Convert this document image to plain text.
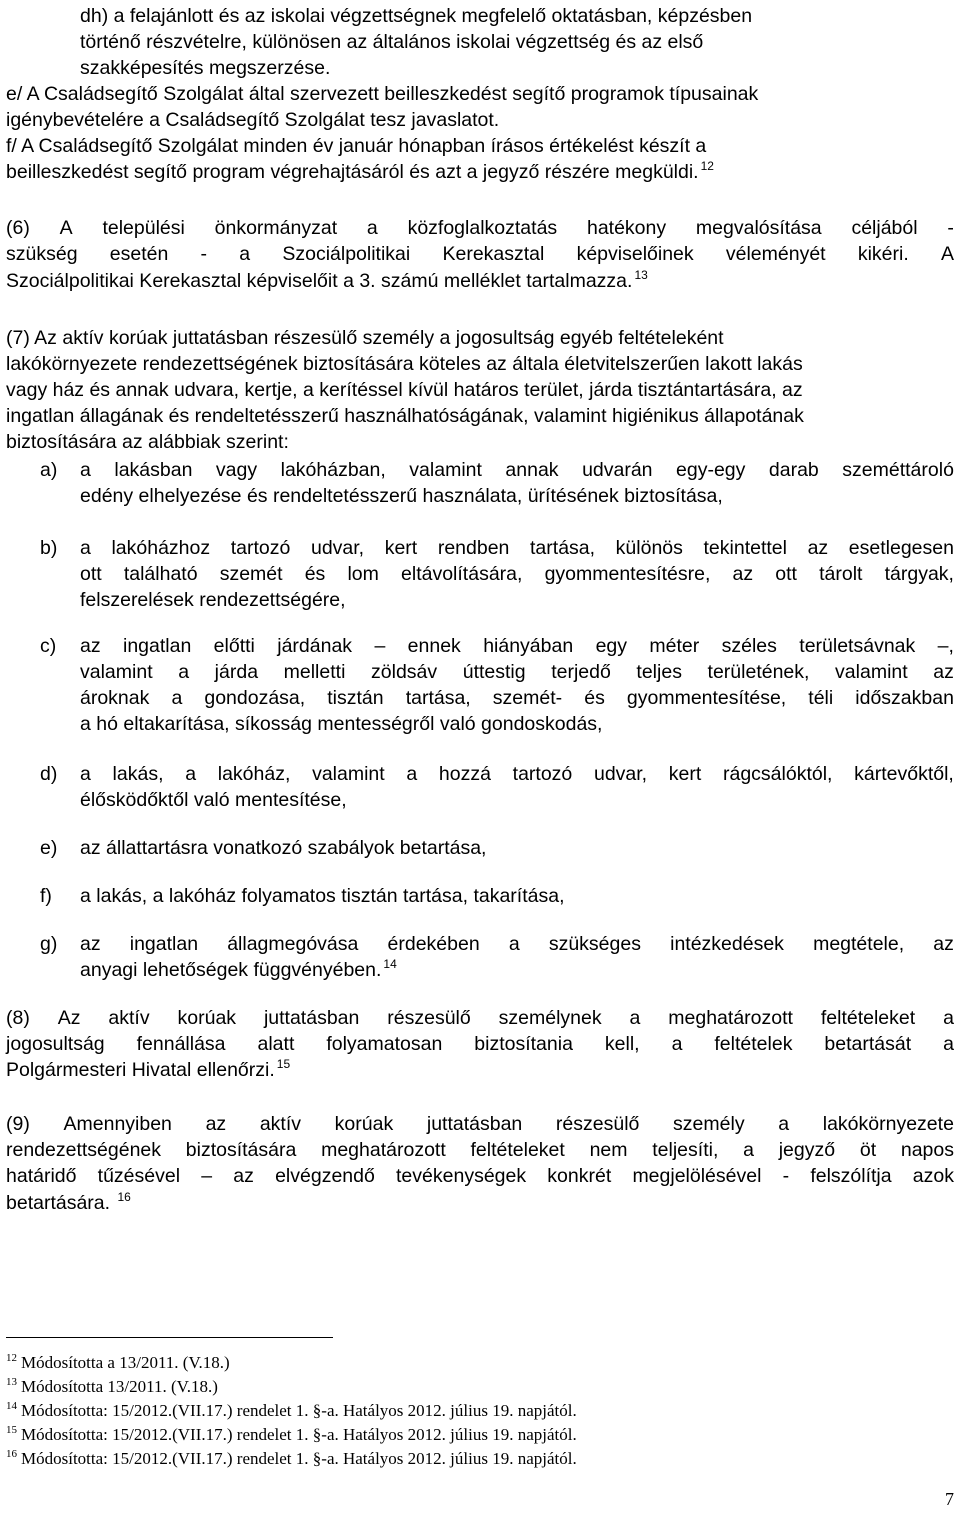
dh) a felajánlott és az iskolai végzettségnek megfelelő oktatásban, képzésben
történő részvételre, különösen az általános iskolai végzettség és az első
szakképesítés megszerzése.
e/ A Családsegítő Szolgálat által szervezett beilleszkedést segítő programok típusainak
igénybevételére a Családsegítő Szolgálat tesz javaslatot.
f/ A Családsegítő Szolgálat minden év január hónapban írásos értékelést készít a
beilleszkedést segítő program végrehajtásáról és azt a jegyző részére megküldi. $^{12}$
(6) A települési önkormányzat a közfoglalkoztatás hatékony megvalósítása céljából -
szükség esetén - a Szociálpolitikai Kerekasztal képviselőinek véleményét kikéri. A
Szociálpolitikai Kerekasztal képviselőit a 3. számú melléklet tartalmazza. $^{13}$
(7) Az aktív korúak juttatásban részesülő személy a jogosultság egyéb feltételeként
lakókörnyezete rendezettségének biztosítására köteles az általa életvitelszerűen lakott lakás
vagy ház és annak udvara, kertje, a kerítéssel kívül határos terület, járda tisztántartására, az
ingatlan állagának és rendeltetésszerű használhatóságának, valamint higiénikus állapotának
biztosítására az alábbiak szerint:
a) a lakásban vagy lakóházban, valamint annak udvarán egy-egy darab szeméttároló
edény elhelyezése és rendeltetésszerű használata, ürítésének biztosítása,
b) a lakóházhoz tartozó udvar, kert rendben tartása, különös tekintettel az esetlegesen
ott található szemét és lom eltávolítására, gyommentesítésre, az ott tárolt tárgyak,
felszerelések rendezettségére,
c) az ingatlan előtti járdának – ennek hiányában egy méter széles területsávnak –,
valamint a járda melletti zöldsáv úttestig terjedő teljes területének, valamint az
ároknak a gondozása, tisztán tartása, szemét- és gyommentesítése, téli időszakban
a hó eltakarítása, síkosság mentességről való gondoskodás,
d) a lakás, a lakóház, valamint a hozzá tartozó udvar, kert rágcsálóktól, kártevőktől,
élősködőktől való mentesítése,
e) az állattartásra vonatkozó szabályok betartása,
f) a lakás, a lakóház folyamatos tisztán tartása, takarítása,
g) az ingatlan állagmegóvása érdekében a szükséges intézkedések megtétele, az
anyagi lehetőségek függvényében. $^{14}$
(8) Az aktív korúak juttatásban részesülő személynek a meghatározott feltételeket a
jogosultság fennállása alatt folyamatosan biztosítania kell, a feltételek betartását a
Polgármesteri Hivatal ellenőrzi. $^{15}$
(9) Amennyiben az aktív korúak juttatásban részesülő személy a lakókörnyezete
rendezettségének biztosítására meghatározott feltételeket nem teljesíti, a jegyző öt napos
határidő tűzésével – az elvégzendő tevékenységek konkrét megjelölésével - felszólítja azok
betartására. $^{16}$
$^{12}$ Módosította a 13/2011. (V.18.)
$^{13}$ Módosította 13/2011. (V.18.)
$^{14}$ Módosította: 15/2012.(VII.17.) rendelet 1. §-a. Hatályos 2012. július 19. napjától.
$^{15}$ Módosította: 15/2012.(VII.17.) rendelet 1. §-a. Hatályos 2012. július 19. napjától.
$^{16}$ Módosította: 15/2012.(VII.17.) rendelet 1. §-a. Hatályos 2012. július 19. napjától.
7
